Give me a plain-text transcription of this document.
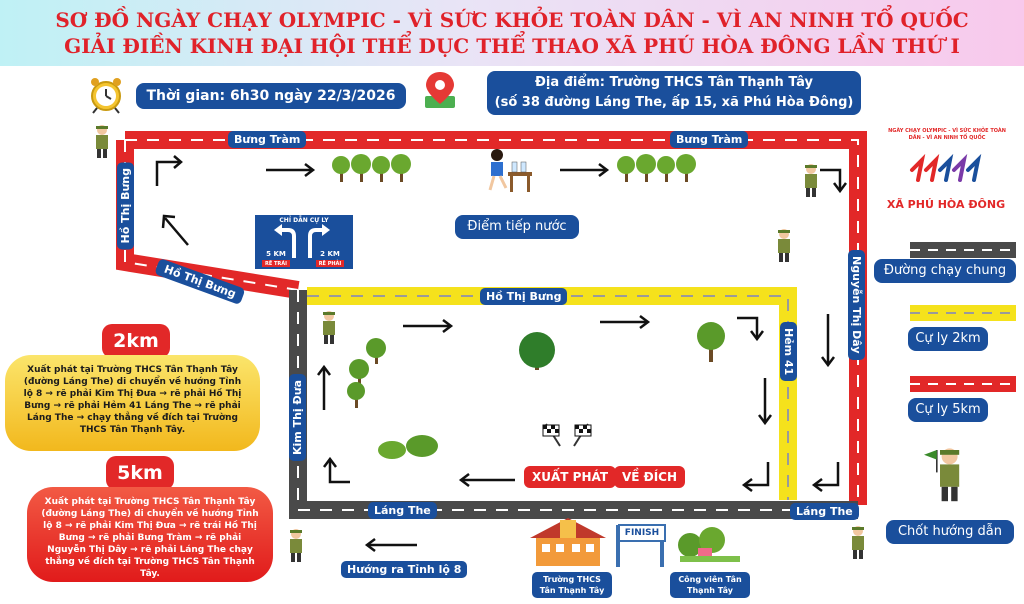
SƠ ĐỒ NGÀY CHẠY OLYMPIC - VÌ SỨC KHỎE TOÀN DÂN - VÌ AN NINH TỔ QUỐC
GIẢI ĐIỀN KINH ĐẠI HỘI THỂ DỤC THỂ THAO XÃ PHÚ HÒA ĐÔNG LẦN THỨ I
Thời gian: 6h30 ngày 22/3/2026
Địa điểm: Trường THCS Tân Thạnh Tây
(số 38 đường Láng The, ấp 15, xã Phú Hòa Đông)
Bưng Tràm	Bưng Tràm
Hồ Thị Bưng
Hồ Thị Bưng	Hồ Thị Bưng	Nguyễn Thị Dây
Hẻm 41
Kim Thị Đưa
Láng The	Láng The
Hướng ra Tỉnh lộ 8
CHỈ DẪN CỰ LY
5 KM
RẼ TRÁI
2 KM
RẼ PHẢI
Điểm tiếp nước
XUẤT PHÁT	VỀ ĐÍCH
FINISH
Trường THCS Tân Thạnh Tây
Công viên Tân Thạnh Tây
XÃ PHÚ HÒA ĐÔNG
NGÀY CHẠY OLYMPIC - VÌ SỨC KHỎE TOÀN DÂN - VÌ AN NINH TỔ QUỐC
Đường chạy chung
Cự ly 2km
Cự ly 5km
Chốt hướng dẫn
2km
Xuất phát tại Trường THCS Tân Thạnh Tây (đường Láng The) di chuyển về hướng Tỉnh lộ 8 → rẽ phải Kim Thị Đưa → rẽ phải Hồ Thị Bưng → rẽ phải Hẻm 41 Láng The → rẽ phải Láng The → chạy thẳng về đích tại Trường THCS Tân Thạnh Tây.
5km
Xuất phát tại Trường THCS Tân Thạnh Tây (đường Láng The) di chuyển về hướng Tỉnh lộ 8 → rẽ phải Kim Thị Đưa → rẽ trái Hồ Thị Bưng → rẽ phải Bưng Tràm → rẽ phải Nguyễn Thị Dây → rẽ phải Láng The chạy thẳng về đích tại Trường THCS Tân Thạnh Tây.
